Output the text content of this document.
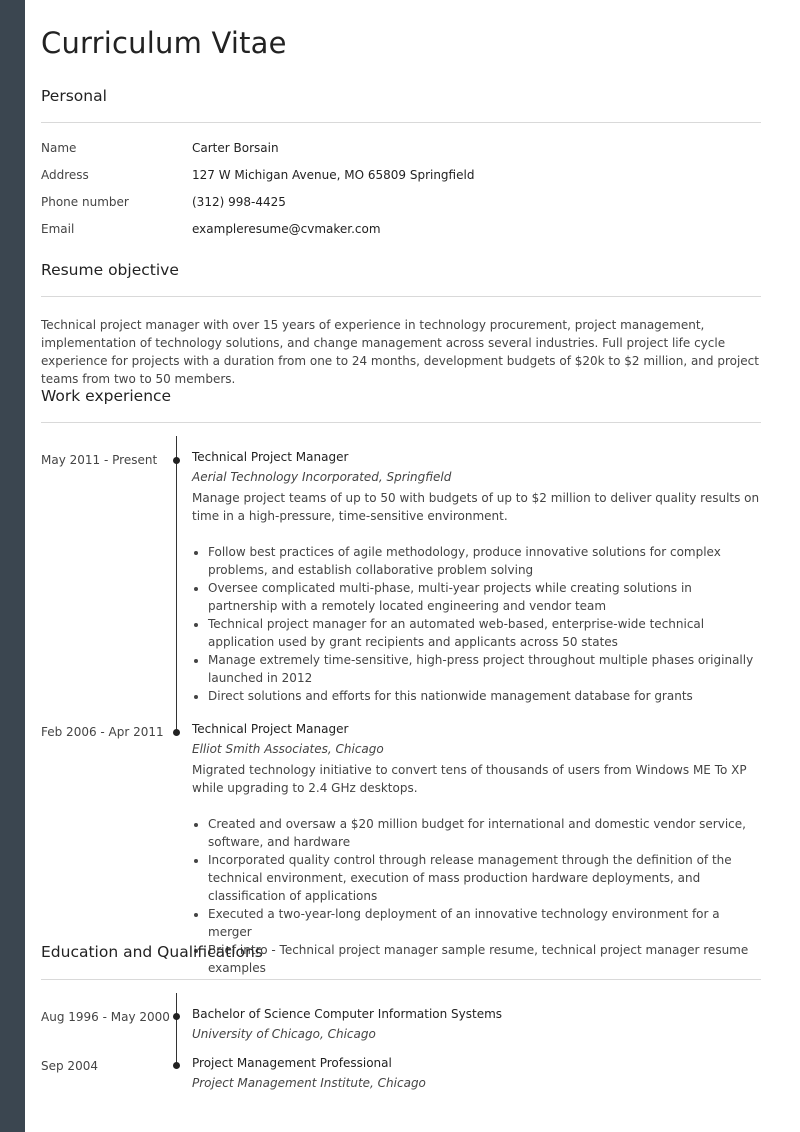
Curriculum Vitae
Personal
Name	Carter Borsain
Address	127 W Michigan Avenue, MO 65809 Springfield
Phone number	(312) 998-4425
Email	exampleresume@cvmaker.com
Resume objective

Technical project manager with over 15 years of experience in technology procurement, project management, implementation of technology solutions, and change management across several industries. Full project life cycle experience for projects with a duration from one to 24 months, development budgets of $20k to $2 million, and project teams from two to 50 members.

Work experience
May 2011 - Present	Technical Project Manager
Aerial Technology Incorporated, Springfield

Manage project teams of up to 50 with budgets of up to $2 million to deliver quality results on time in a high-pressure, time-sensitive environment.

• Follow best practices of agile methodology, produce innovative solutions for complex problems, and establish collaborative problem solving
• Oversee complicated multi-phase, multi-year projects while creating solutions in partnership with a remotely located engineering and vendor team
• Technical project manager for an automated web-based, enterprise-wide technical application used by grant recipients and applicants across 50 states
• Manage extremely time-sensitive, high-press project throughout multiple phases originally launched in 2012
• Direct solutions and efforts for this nationwide management database for grants
Feb 2006 - Apr 2011 Technical Project Manager
Elliot Smith Associates, Chicago

Migrated technology initiative to convert tens of thousands of users from Windows ME To XP while upgrading to 2.4 GHz desktops.

• Created and oversaw a $20 million budget for international and domestic vendor service, software, and hardware
• Incorporated quality control through release management through the definition of the technical environment, execution of mass production hardware deployments, and classification of applications
• Executed a two-year-long deployment of an innovative technology environment for a merger
• Brief intro - Technical project manager sample resume, technical project manager resume examples
Education and Qualifications
Aug 1996 - May 2000 Bachelor of Science Computer Information Systems
University of Chicago, Chicago
Sep 2004	Project Management Professional
Project Management Institute, Chicago
